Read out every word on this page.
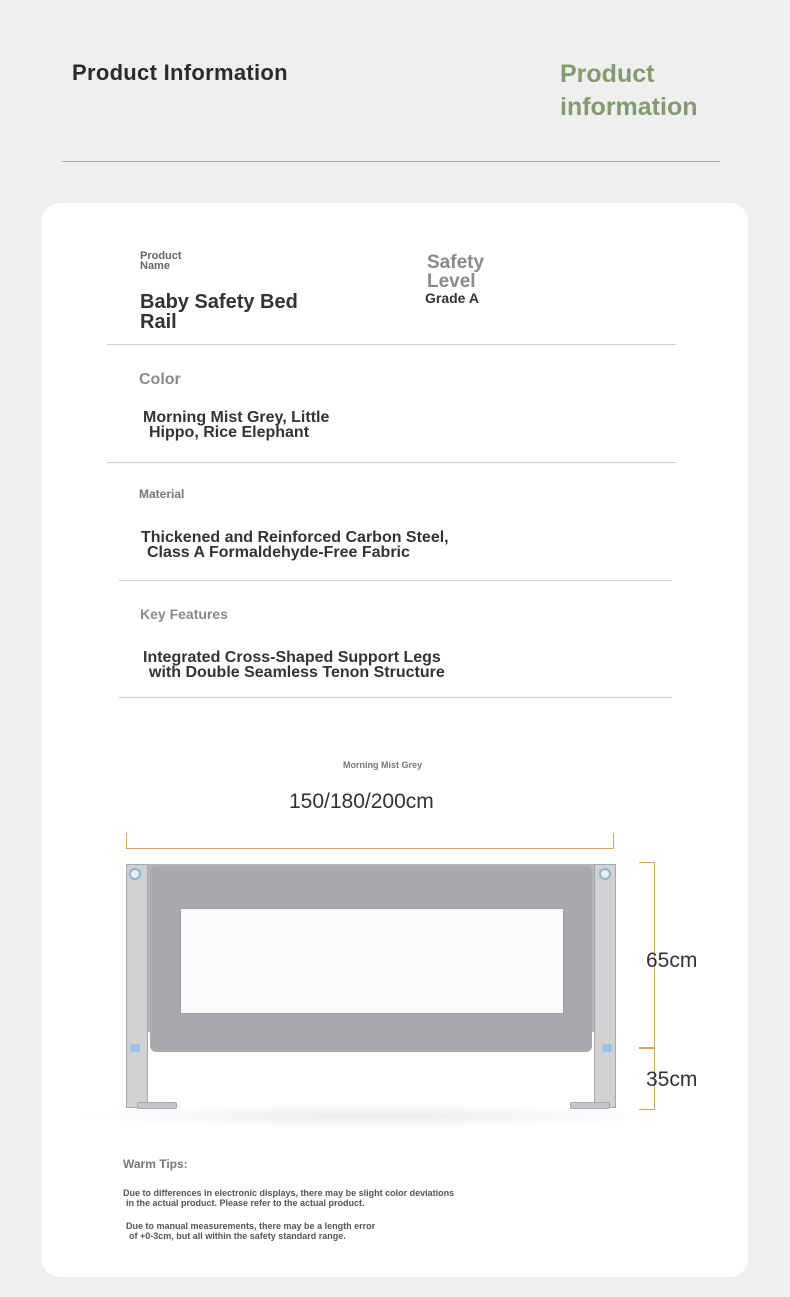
Product Information	Product information
Product Name
Baby Safety Bed Rail
Safety Level
Grade A
Color
Morning Mist Grey, Little
Hippo, Rice Elephant
Material
Thickened and Reinforced Carbon Steel,
Class A Formaldehyde-Free Fabric
Key Features
Integrated Cross-Shaped Support Legs
with Double Seamless Tenon Structure
Morning Mist Grey
150/180/200cm
65cm
35cm
Warm Tips:
Due to differences in electronic displays, there may be slight color deviations
in the actual product. Please refer to the actual product.
Due to manual measurements, there may be a length error
of +0-3cm, but all within the safety standard range.
